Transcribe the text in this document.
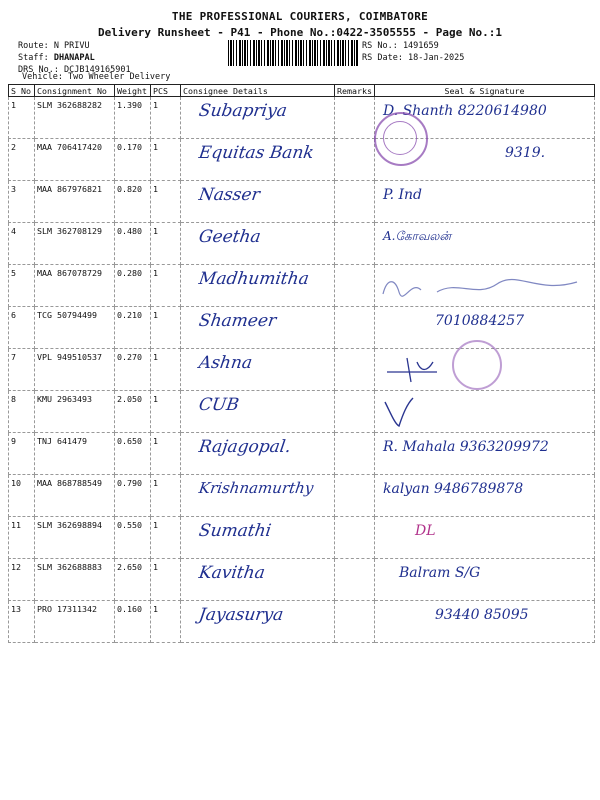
THE PROFESSIONAL COURIERS, COIMBATORE
Delivery Runsheet - P41 - Phone No.:0422-3505555 - Page No.:1
Route: N PRIVU
Staff: DHANAPAL
DRS No.: DCJB149165901
Vehicle: Two Wheeler Delivery
RS No.: 1491659
RS Date: 18-Jan-2025
S No	Consignment No	Weight	PCS	Consignee Details	Remarks	Seal & Signature
1	SLM 362688282	1.390	1	Subapriya		D. Shanth 8220614980

2	MAA 706417420	0.170	1	Equitas Bank		9319.

3	MAA 867976821	0.820	1	Nasser		P. Ind

4	SLM 362708129	0.480	1	Geetha		A.கோவலன்

5	MAA 867078729	0.280	1	Madhumitha

6	TCG 50794499	0.210	1	Shameer		7010884257

7	VPL 949510537	0.270	1	Ashna

8	KMU 2963493	2.050	1	CUB

9	TNJ 641479	0.650	1	Rajagopal.		R. Mahala 9363209972

10	MAA 868788549	0.790	1	Krishnamurthy		kalyan 9486789878

11	SLM 362698894	0.550	1	Sumathi		DL

12	SLM 362688883	2.650	1	Kavitha		Balram S/G

13	PRO 17311342	0.160	1	Jayasurya		93440 85095
